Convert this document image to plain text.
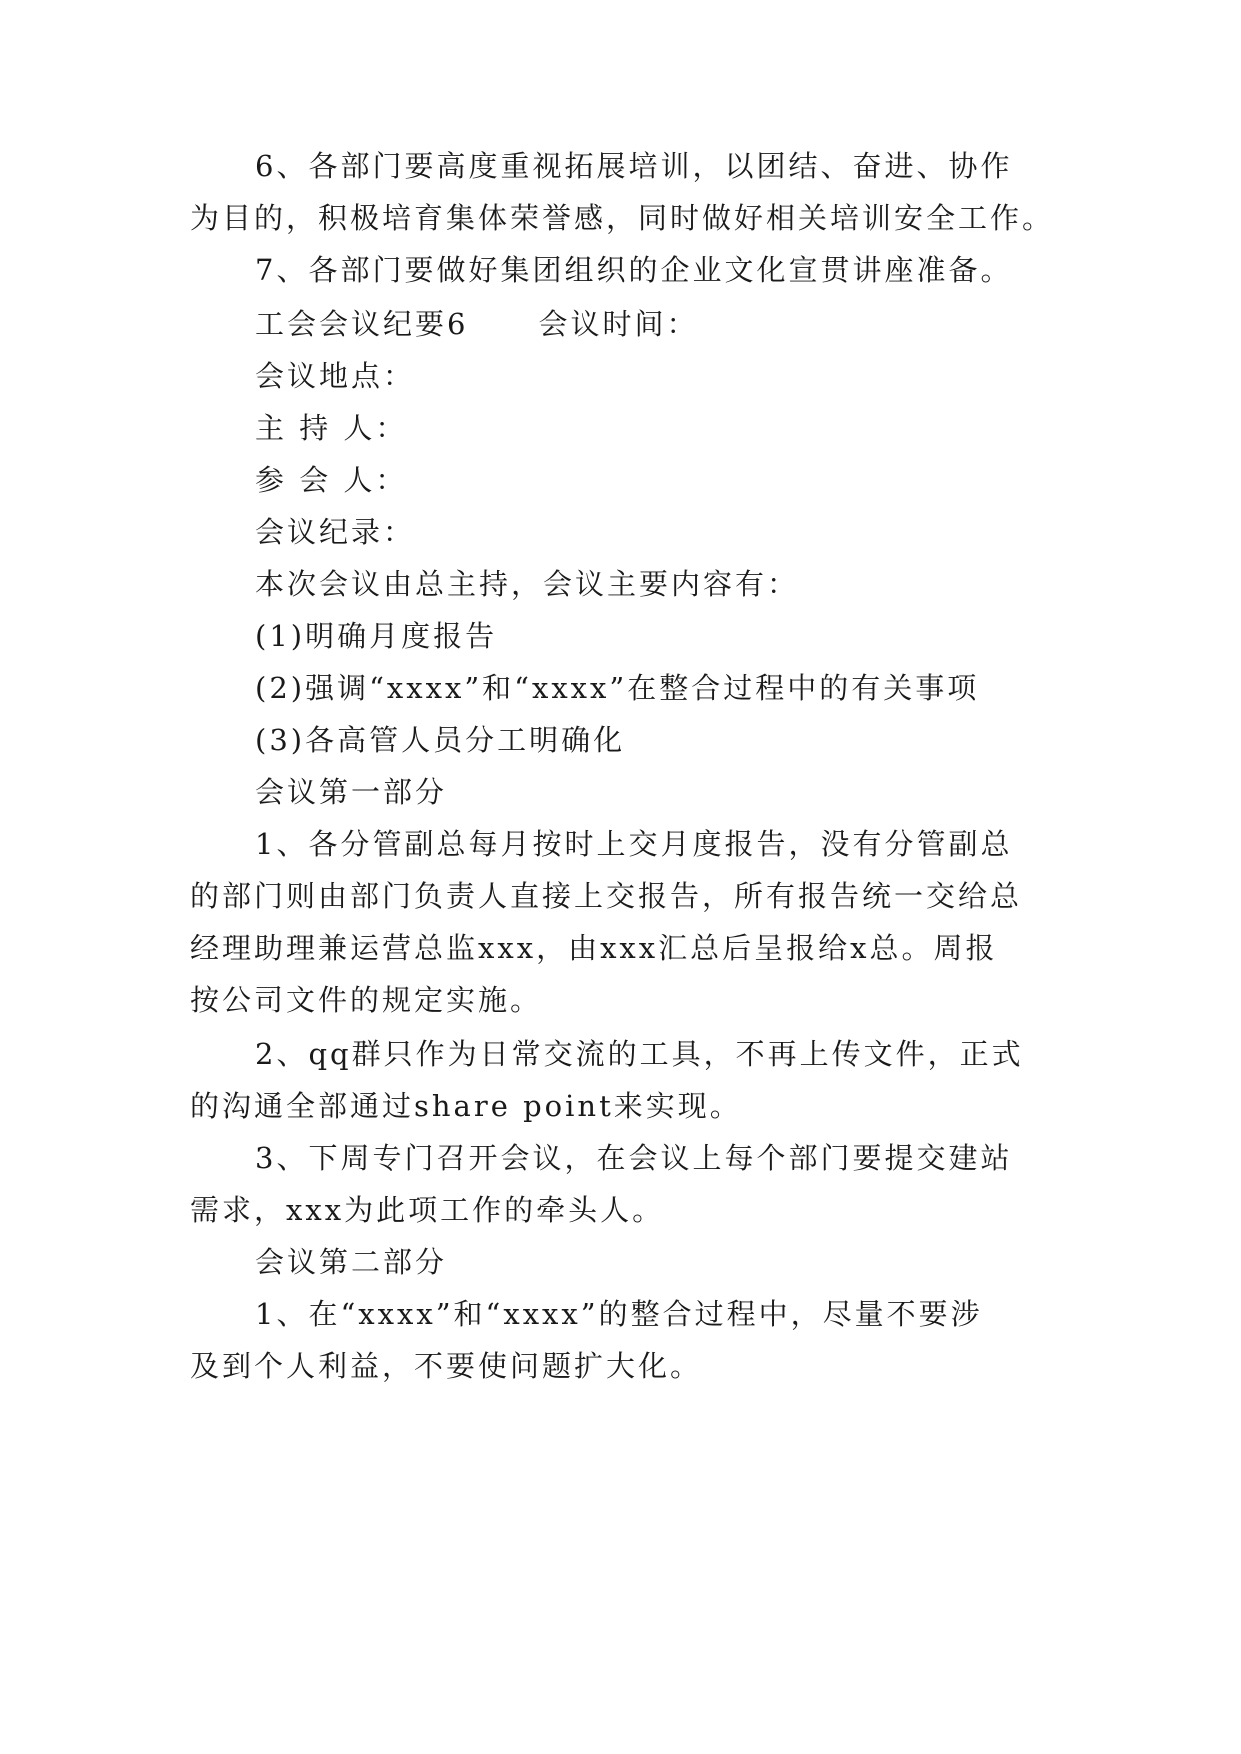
6、各部门要高度重视拓展培训，以团结、奋进、协作
为目的，积极培育集体荣誉感，同时做好相关培训安全工作。
7、各部门要做好集团组织的企业文化宣贯讲座准备。
工会会议纪要6 会议时间：
会议地点：
主 持 人：
参 会 人：
会议纪录：
本次会议由总主持，会议主要内容有：
(1)明确月度报告
(2)强调“xxxx”和“xxxx”在整合过程中的有关事项
(3)各高管人员分工明确化
会议第一部分
1、各分管副总每月按时上交月度报告，没有分管副总
的部门则由部门负责人直接上交报告，所有报告统一交给总
经理助理兼运营总监xxx，由xxx汇总后呈报给x总。周报
按公司文件的规定实施。
2、qq群只作为日常交流的工具，不再上传文件，正式
的沟通全部通过share point来实现。
3、下周专门召开会议，在会议上每个部门要提交建站
需求，xxx为此项工作的牵头人。
会议第二部分
1、在“xxxx”和“xxxx”的整合过程中，尽量不要涉
及到个人利益，不要使问题扩大化。
